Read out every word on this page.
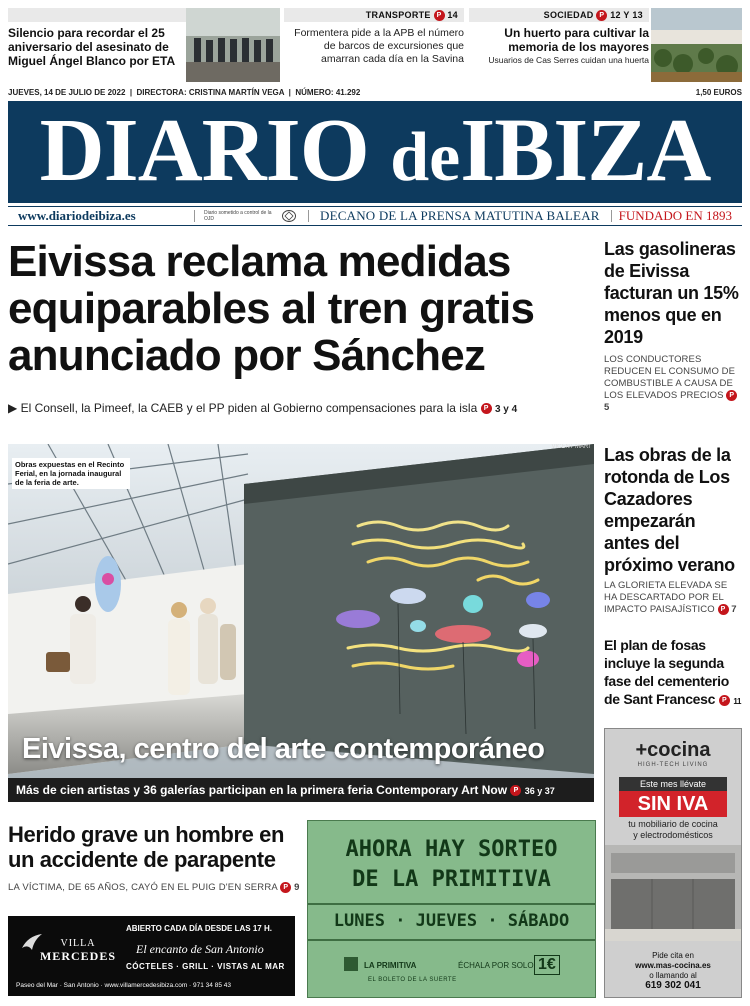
Silencio para recordar el 25 aniversario del asesinato de Miguel Ángel Blanco por ETA
TRANSPORTE P 14
Formentera pide a la APB el número de barcos de excursiones que amarran cada día en la Savina
SOCIEDAD P 12 Y 13
Un huerto para cultivar la memoria de los mayores
Usuarios de Cas Serres cuidan una huerta
JUEVES, 14 DE JULIO DE 2022  |  DIRECTORA: CRISTINA MARTÍN VEGA  |  NÚMERO: 41.292	1,50 EUROS
DIARIO deIBIZA
www.diariodeibiza.es	Diario sometido a control de la OJD	DECANO DE LA PRENSA MATUTINA BALEAR FUNDADO EN 1893
Eivissa reclama medidas equiparables al tren gratis anunciado por Sánchez
▶ El Consell, la Pimeef, la CAEB y el PP piden al Gobierno compensaciones para la isla P 3 y 4
VICENT MARÍ
Obras expuestas en el Recinto Ferial, en la jornada inaugural de la feria de arte.
Eivissa, centro del arte contemporáneo
Más de cien artistas y 36 galerías participan en la primera feria Contemporary Art Now P 36 y 37
Las gasolineras de Eivissa facturan un 15% menos que en 2019
LOS CONDUCTORES REDUCEN EL CONSUMO DE COMBUSTIBLE A CAUSA DE LOS ELEVADOS PRECIOS P 5
Las obras de la rotonda de Los Cazadores empezarán antes del próximo verano
LA GLORIETA ELEVADA SE HA DESCARTADO POR EL IMPACTO PAISAJÍSTICO P 7
El plan de fosas incluye la segunda fase del cementerio de Sant Francesc P 11
+cocina
HIGH-TECH LIVING
Este mes llévate
SIN IVA
tu mobiliario de cocina
y electrodomésticos
Pide cita en
www.mas-cocina.es
o llamando al
619 302 041
Herido grave un hombre en un accidente de parapente
LA VÍCTIMA, DE 65 AÑOS, CAYÓ EN EL PUIG D'EN SERRA P 9
VILLA
MERCEDES
ABIERTO CADA DÍA DESDE LAS 17 H.
El encanto de San Antonio
CÓCTELES · GRILL · VISTAS AL MAR
Paseo del Mar · San Antonio · www.villamercedesibiza.com · 971 34 85 43
AHORA HAY SORTEO
DE LA PRIMITIVA
LUNES · JUEVES · SÁBADO
LA PRIMITIVA	ÉCHALA POR SOLO 1€
EL BOLETO DE LA SUERTE
